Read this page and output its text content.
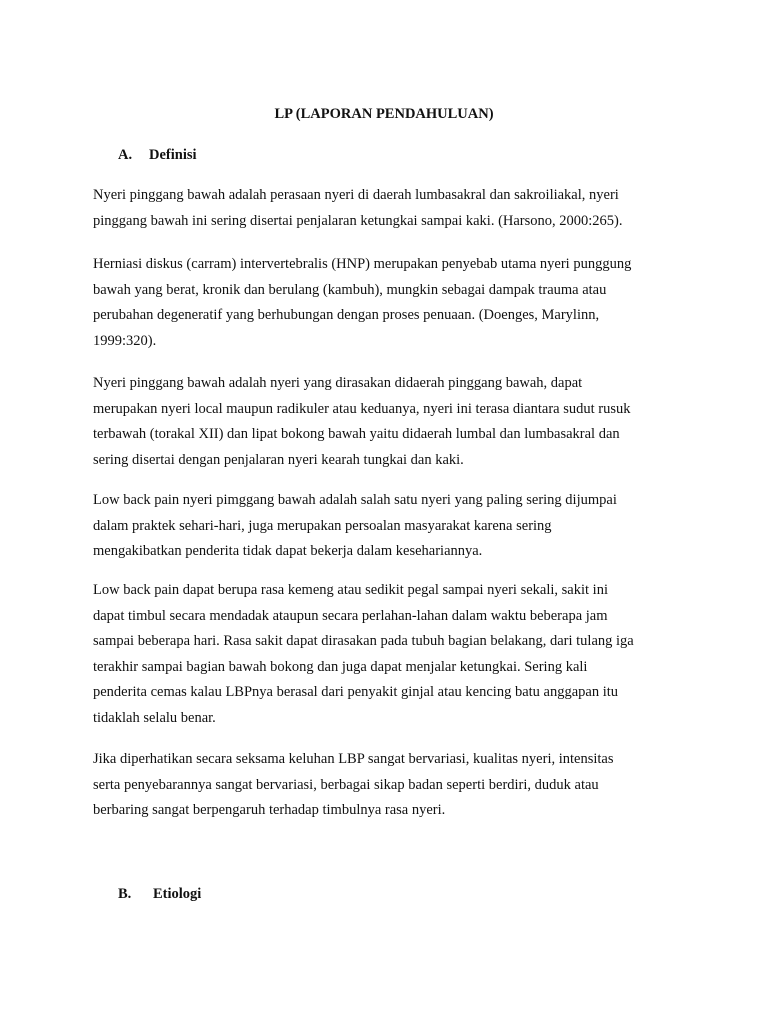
LP (LAPORAN PENDAHULUAN)
A. Definisi

Nyeri pinggang bawah adalah perasaan nyeri di daerah lumbasakral dan sakroiliakal, nyeri
pinggang bawah ini sering disertai penjalaran ketungkai sampai kaki. (Harsono, 2000:265).

Herniasi diskus (carram) intervertebralis (HNP) merupakan penyebab utama nyeri punggung
bawah yang berat, kronik dan berulang (kambuh), mungkin sebagai dampak trauma atau
perubahan degeneratif yang berhubungan dengan proses penuaan. (Doenges, Marylinn,
1999:320).

Nyeri pinggang bawah adalah nyeri yang dirasakan didaerah pinggang bawah, dapat
merupakan nyeri local maupun radikuler atau keduanya, nyeri ini terasa diantara sudut rusuk
terbawah (torakal XII) dan lipat bokong bawah yaitu didaerah lumbal dan lumbasakral dan
sering disertai dengan penjalaran nyeri kearah tungkai dan kaki.

Low back pain nyeri pimggang bawah adalah salah satu nyeri yang paling sering dijumpai
dalam praktek sehari-hari, juga merupakan persoalan masyarakat karena sering
mengakibatkan penderita tidak dapat bekerja dalam kesehariannya.

Low back pain dapat berupa rasa kemeng atau sedikit pegal sampai nyeri sekali, sakit ini
dapat timbul secara mendadak ataupun secara perlahan-lahan dalam waktu beberapa jam
sampai beberapa hari. Rasa sakit dapat dirasakan pada tubuh bagian belakang, dari tulang iga
terakhir sampai bagian bawah bokong dan juga dapat menjalar ketungkai. Sering kali
penderita cemas kalau LBPnya berasal dari penyakit ginjal atau kencing batu anggapan itu
tidaklah selalu benar.

Jika diperhatikan secara seksama keluhan LBP sangat bervariasi, kualitas nyeri, intensitas
serta penyebarannya sangat bervariasi, berbagai sikap badan seperti berdiri, duduk atau
berbaring sangat berpengaruh terhadap timbulnya rasa nyeri.

B. Etiologi
